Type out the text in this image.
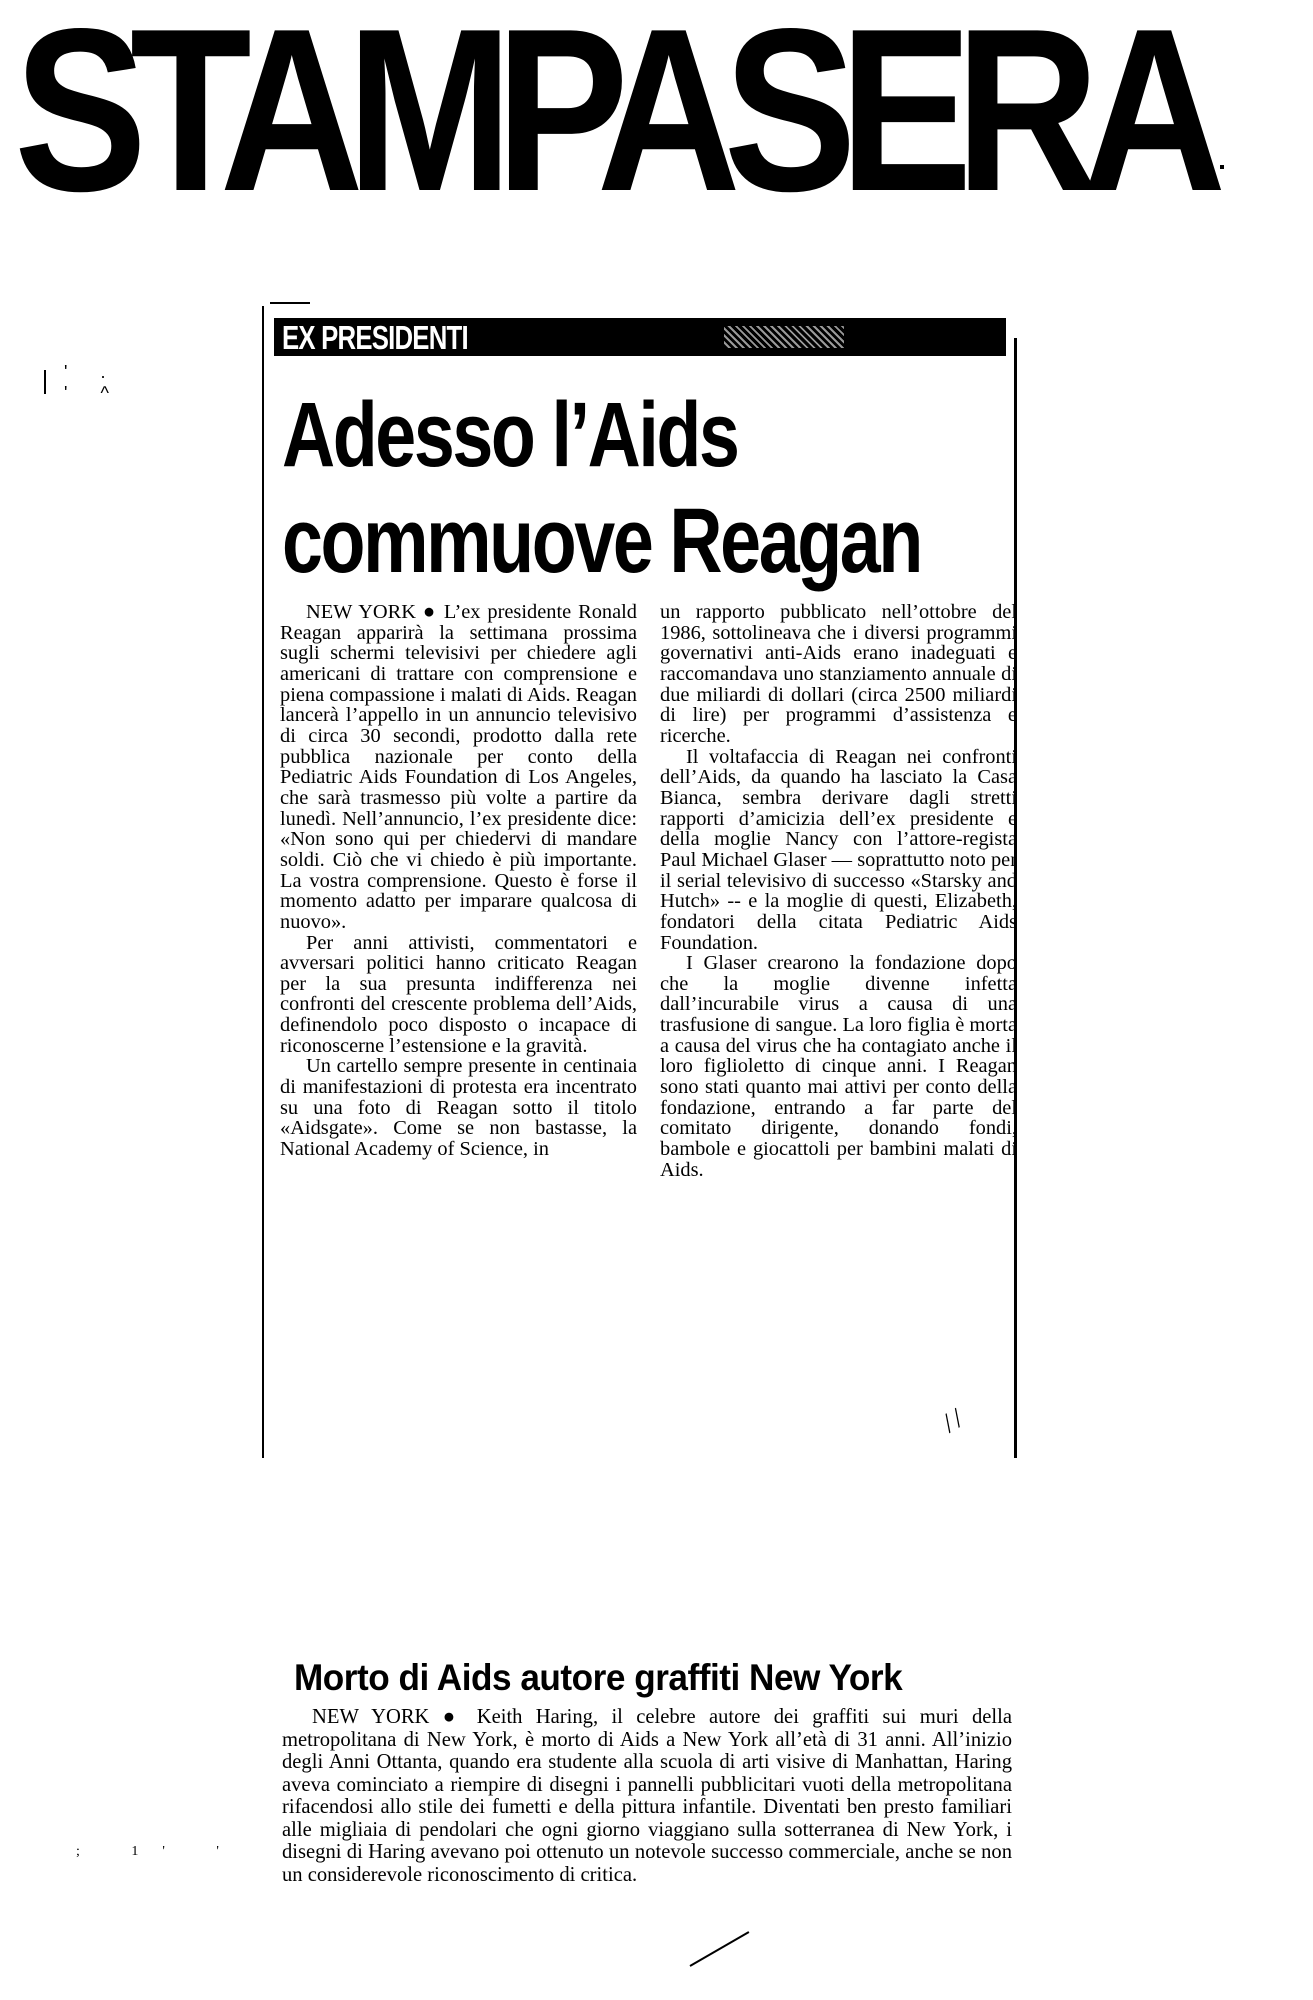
STAMPASERA
' . ' ^
EX PRESIDENTI
Adesso l’Aids
commuove Reagan

NEW YORK ● L’ex presidente Ronald Reagan apparirà la settimana prossima sugli schermi televisivi per chiedere agli americani di trattare con comprensione e piena compassione i malati di Aids. Reagan lancerà l’appello in un annuncio televisivo di circa 30 secondi, prodotto dalla rete pubblica nazionale per conto della Pediatric Aids Foundation di Los Angeles, che sarà trasmesso più volte a partire da lunedì. Nell’annuncio, l’ex presidente dice: «Non sono qui per chiedervi di mandare soldi. Ciò che vi chiedo è più importante. La vostra comprensione. Questo è forse il momento adatto per imparare qualcosa di nuovo».

Per anni attivisti, commentatori e avversari politici hanno criticato Reagan per la sua presunta indifferenza nei confronti del crescente problema dell’Aids, definendolo poco disposto o incapace di riconoscerne l’estensione e la gravità.

Un cartello sempre presente in centinaia di manifestazioni di protesta era incentrato su una foto di Reagan sotto il titolo «Aidsgate». Come se non bastasse, la National Academy of Science, in

un rapporto pubblicato nell’ottobre del 1986, sottolineava che i diversi programmi governativi anti-Aids erano inadeguati e raccomandava uno stanziamento annuale di due miliardi di dollari (circa 2500 miliardi di lire) per programmi d’assistenza e ricerche.

Il voltafaccia di Reagan nei confronti dell’Aids, da quando ha lasciato la Casa Bianca, sembra derivare dagli stretti rapporti d’amicizia dell’ex presidente e della moglie Nancy con l’attore-regista Paul Michael Glaser — soprattutto noto per il serial televisivo di successo «Starsky and Hutch» -- e la moglie di questi, Elizabeth, fondatori della citata Pediatric Aids Foundation.

I Glaser crearono la fondazione dopo che la moglie divenne infetta dall’incurabile virus a causa di una trasfusione di sangue. La loro figlia è morta a causa del virus che ha contagiato anche il loro figlioletto di cinque anni. I Reagan sono stati quanto mai attivi per conto della fondazione, entrando a far parte del comitato dirigente, donando fondi, bambole e giocattoli per bambini malati di Aids.

/ /
Morto di Aids autore graffiti New York

NEW YORK ● Keith Haring, il celebre autore dei graffiti sui muri della metropolitana di New York, è morto di Aids a New York all’età di 31 anni. All’inizio degli Anni Ottanta, quando era studente alla scuola di arti visive di Manhattan, Haring aveva cominciato a riempire di disegni i pannelli pubblicitari vuoti della metropolitana rifacendosi allo stile dei fumetti e della pittura infantile. Diventati ben presto familiari alle migliaia di pendolari che ogni giorno viaggiano sulla sotterranea di New York, i disegni di Haring avevano poi ottenuto un notevole successo commerciale, anche se non un considerevole riconoscimento di critica.

; 1' '
